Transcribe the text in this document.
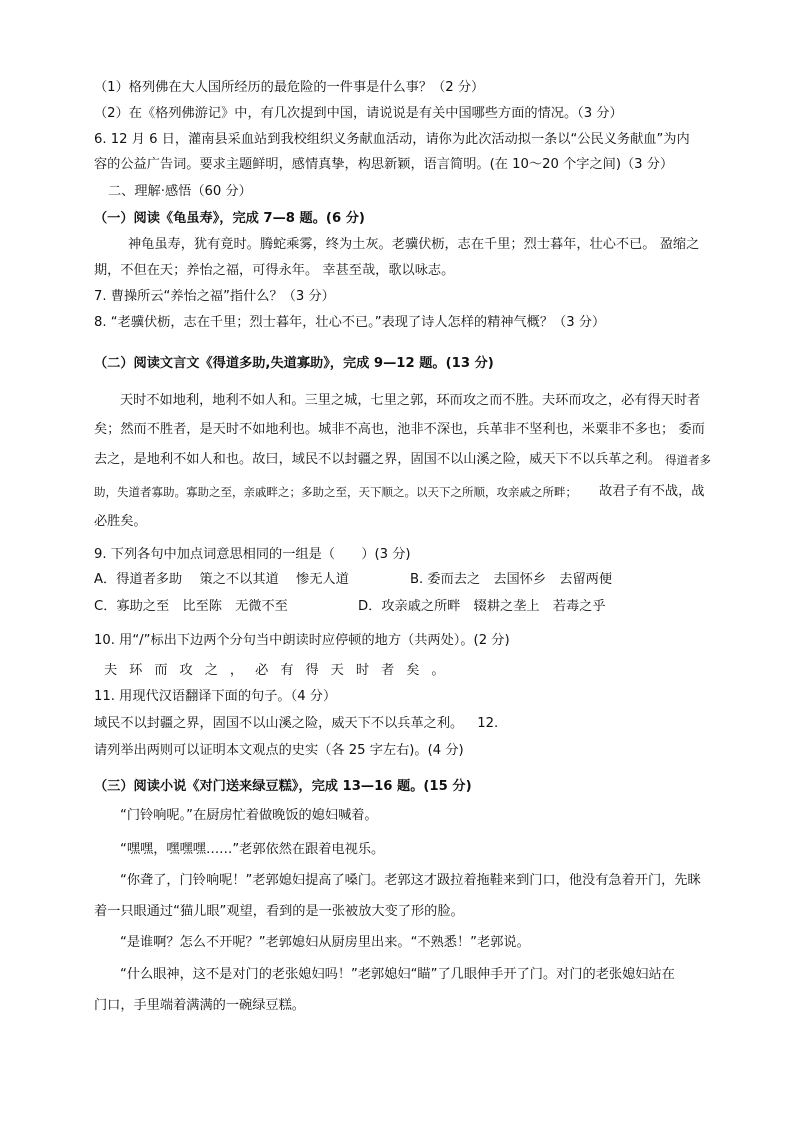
（1）格列佛在大人国所经历的最危险的一件事是什么事？（2 分）
（2）在《格列佛游记》中，有几次提到中国，请说说是有关中国哪些方面的情况。（3 分）
6. 12 月 6 日，灌南县采血站到我校组织义务献血活动，请你为此次活动拟一条以“公民义务献血”为内
容的公益广告词。要求主题鲜明，感情真挚，构思新颖，语言简明。(在 10～20 个字之间)（3 分）
二、理解·感悟（60 分）
（一）阅读《龟虽寿》，完成 7—8 题。(6 分)
神龟虽寿，犹有竟时。腾蛇乘雾，终为土灰。老骥伏枥，志在千里；烈士暮年，壮心不已。 盈缩之
期，不但在天；养怡之福，可得永年。 幸甚至哉，歌以咏志。
7. 曹操所云“养怡之福”指什么？（3 分）
8. “老骥伏枥，志在千里；烈士暮年，壮心不已。”表现了诗人怎样的精神气概？（3 分）
（二）阅读文言文《得道多助,失道寡助》，完成 9—12 题。(13 分)
天时不如地利，地利不如人和。三里之城，七里之郭，环而攻之而不胜。夫环而攻之，必有得天时者
矣；然而不胜者，是天时不如地利也。城非不高也，池非不深也，兵革非不坚利也，米粟非不多也； 委而
去之，是地利不如人和也。故曰，域民不以封疆之界，固国不以山溪之险，威天下不以兵革之利。 得道者多
助，失道者寡助。寡助之至，亲戚畔之；多助之至，天下顺之。以天下之所顺，攻亲戚之所畔； 故君子有不战，战
必胜矣。
9. 下列各句中加点词意思相同的一组是（　　）(3 分)
A．得道者多助　 策之不以其道　 惨无人道	B. 委而去之　去国怀乡　去留两便
C．寡助之至　比至陈　无微不至	D．攻亲戚之所畔　辍耕之垄上　若毒之乎
10. 用“/”标出下边两个分句当中朗读时应停顿的地方（共两处）。(2 分)
夫环而攻之，必有得天时者矣。
11. 用现代汉语翻译下面的句子。（4 分）
域民不以封疆之界，固国不以山溪之险，威天下不以兵革之利。 12.
请列举出两则可以证明本文观点的史实（各 25 字左右)。(4 分)
（三）阅读小说《对门送来绿豆糕》，完成 13—16 题。(15 分)
“门铃响呢。”在厨房忙着做晚饭的媳妇喊着。
“嘿嘿，嘿嘿嘿……”老郭依然在跟着电视乐。
“你聋了，门铃响呢！”老郭媳妇提高了嗓门。老郭这才趿拉着拖鞋来到门口，他没有急着开门，先眯
着一只眼通过“猫儿眼”观望，看到的是一张被放大变了形的脸。
“是谁啊？怎么不开呢？”老郭媳妇从厨房里出来。“不熟悉！”老郭说。
“什么眼神，这不是对门的老张媳妇吗！”老郭媳妇“瞄”了几眼伸手开了门。对门的老张媳妇站在
门口，手里端着满满的一碗绿豆糕。
